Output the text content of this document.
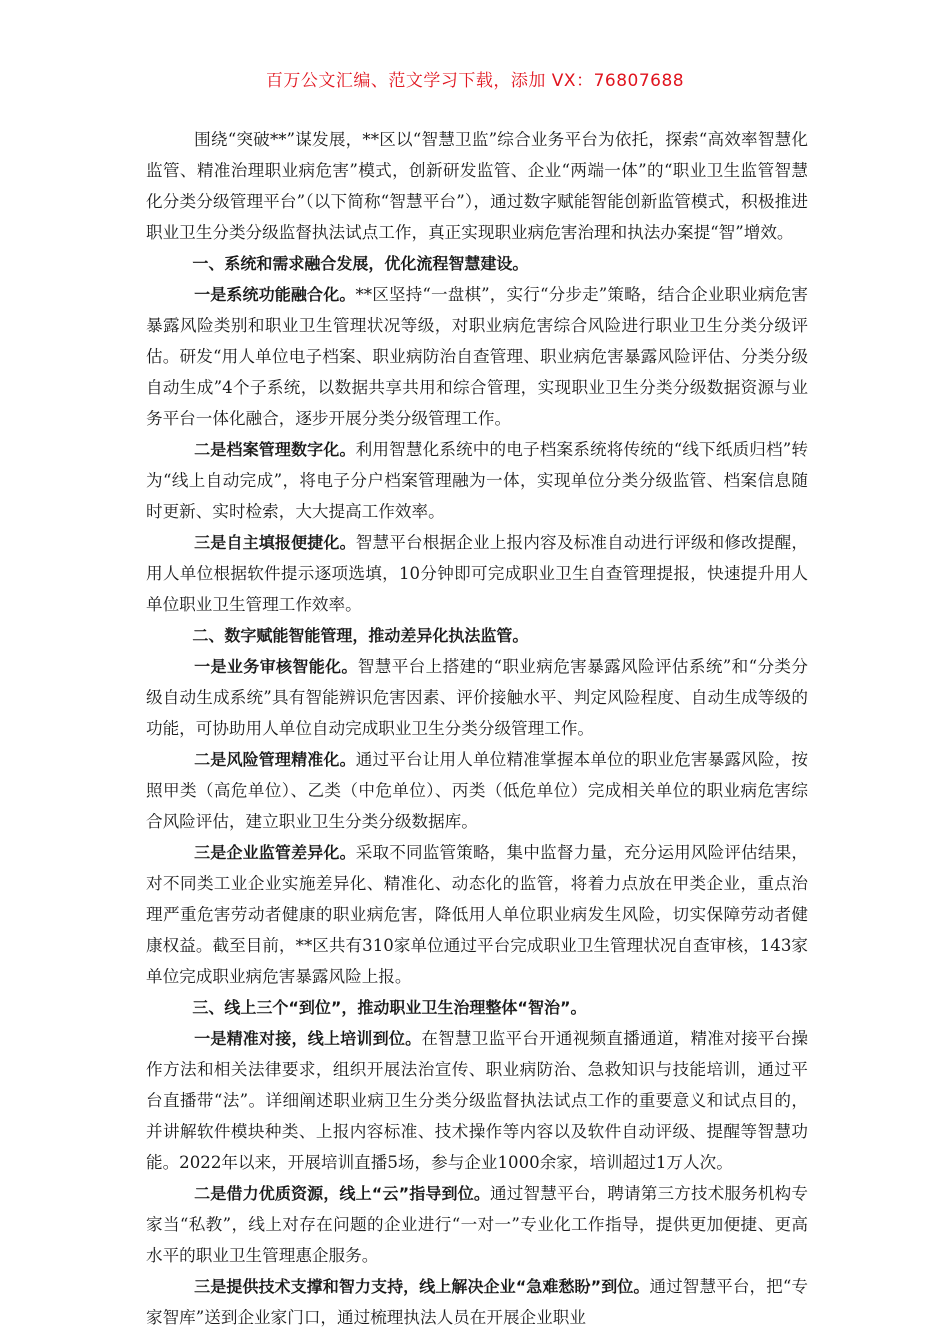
百万公文汇编、范文学习下载，添加 VX：76807688

围绕“突破**”谋发展，**区以“智慧卫监”综合业务平台为依托，探索“高效率智慧化监管、精准治理职业病危害”模式，创新研发监管、企业“两端一体”的“职业卫生监管智慧化分类分级管理平台”（以下简称“智慧平台”），通过数字赋能智能创新监管模式，积极推进职业卫生分类分级监督执法试点工作，真正实现职业病危害治理和执法办案提“智”增效。

一、系统和需求融合发展，优化流程智慧建设。

一是系统功能融合化。**区坚持“一盘棋”，实行“分步走”策略，结合企业职业病危害暴露风险类别和职业卫生管理状况等级，对职业病危害综合风险进行职业卫生分类分级评估。研发“用人单位电子档案、职业病防治自查管理、职业病危害暴露风险评估、分类分级自动生成”4个子系统，以数据共享共用和综合管理，实现职业卫生分类分级数据资源与业务平台一体化融合，逐步开展分类分级管理工作。

二是档案管理数字化。利用智慧化系统中的电子档案系统将传统的“线下纸质归档”转为“线上自动完成”，将电子分户档案管理融为一体，实现单位分类分级监管、档案信息随时更新、实时检索，大大提高工作效率。

三是自主填报便捷化。智慧平台根据企业上报内容及标准自动进行评级和修改提醒，用人单位根据软件提示逐项选填，10分钟即可完成职业卫生自查管理提报，快速提升用人单位职业卫生管理工作效率。

二、数字赋能智能管理，推动差异化执法监管。

一是业务审核智能化。智慧平台上搭建的“职业病危害暴露风险评估系统”和“分类分级自动生成系统”具有智能辨识危害因素、评价接触水平、判定风险程度、自动生成等级的功能，可协助用人单位自动完成职业卫生分类分级管理工作。

二是风险管理精准化。通过平台让用人单位精准掌握本单位的职业危害暴露风险，按照甲类（高危单位）、乙类（中危单位）、丙类（低危单位）完成相关单位的职业病危害综合风险评估，建立职业卫生分类分级数据库。

三是企业监管差异化。采取不同监管策略，集中监督力量，充分运用风险评估结果，对不同类工业企业实施差异化、精准化、动态化的监管，将着力点放在甲类企业，重点治理严重危害劳动者健康的职业病危害，降低用人单位职业病发生风险，切实保障劳动者健康权益。截至目前，**区共有310家单位通过平台完成职业卫生管理状况自查审核，143家单位完成职业病危害暴露风险上报。

三、线上三个“到位”，推动职业卫生治理整体“智治”。

一是精准对接，线上培训到位。在智慧卫监平台开通视频直播通道，精准对接平台操作方法和相关法律要求，组织开展法治宣传、职业病防治、急救知识与技能培训，通过平台直播带“法”。详细阐述职业病卫生分类分级监督执法试点工作的重要意义和试点目的，并讲解软件模块种类、上报内容标准、技术操作等内容以及软件自动评级、提醒等智慧功能。2022年以来，开展培训直播5场，参与企业1000余家，培训超过1万人次。

二是借力优质资源，线上“云”指导到位。通过智慧平台，聘请第三方技术服务机构专家当“私教”，线上对存在问题的企业进行“一对一”专业化工作指导，提供更加便捷、更高水平的职业卫生管理惠企服务。

三是提供技术支撑和智力支持，线上解决企业“急难愁盼”到位。通过智慧平台，把“专家智库”送到企业家门口，通过梳理执法人员在开展企业职业
